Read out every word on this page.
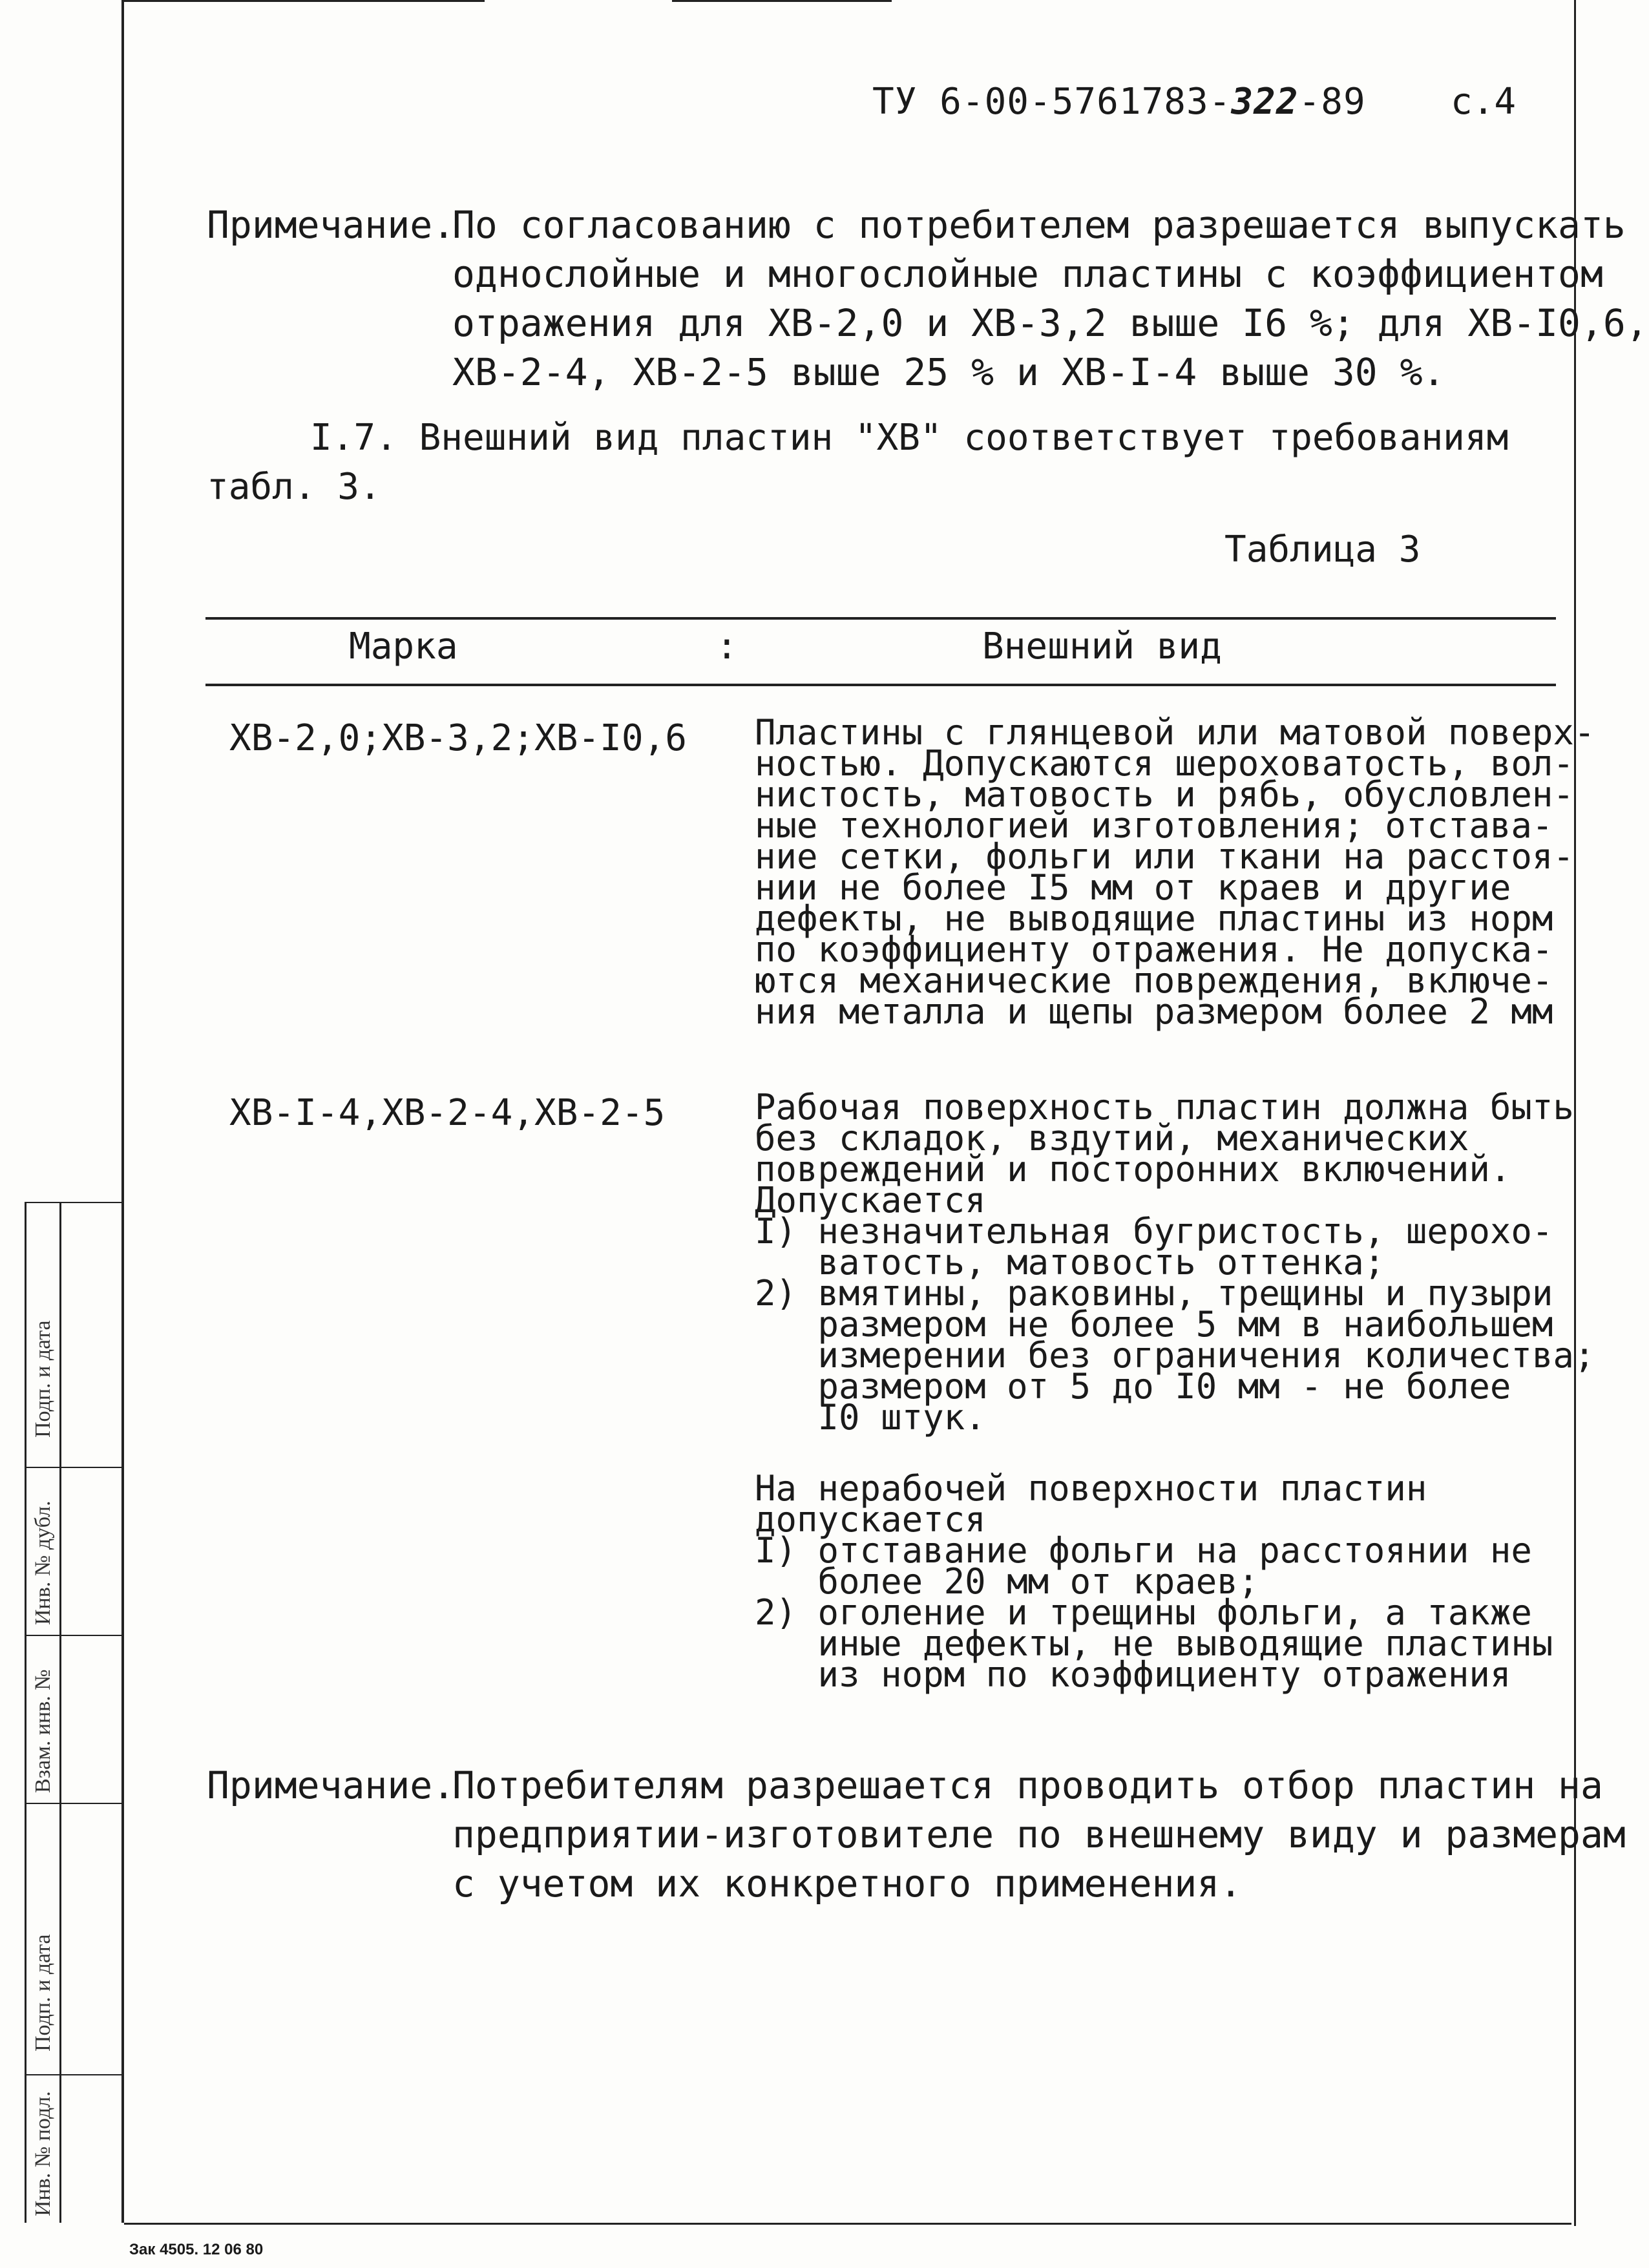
ТУ 6-00-5761783-322-89 с.4
Примечание.
По согласованию с потребителем разрешается выпускать
однослойные и многослойные пластины с коэффициентом
отражения для ХВ-2,0 и ХВ-3,2 выше I6 %; для ХВ-I0,6,
ХВ-2-4, ХВ-2-5 выше 25 % и ХВ-I-4 выше 30 %.
I.7. Внешний вид пластин "ХВ" соответствует требованиям
табл. 3.
Таблица 3
Марка	:	Внешний вид
ХВ-2,0;ХВ-3,2;ХВ-I0,6 Пластины с глянцевой или матовой поверх-
ностью. Допускаются шероховатость, вол-
нистость, матовость и рябь, обусловлен-
ные технологией изготовления; отстава-
ние сетки, фольги или ткани на расстоя-
нии не более I5 мм от краев и другие
дефекты, не выводящие пластины из норм
по коэффициенту отражения. Не допуска-
ются механические повреждения, включе-
ния металла и щепы размером более 2 мм
ХВ-I-4,ХВ-2-4,ХВ-2-5	Рабочая поверхность пластин должна быть
без складок, вздутий, механических
повреждений и посторонних включений.
Допускается
I) незначительная бугристость, шерохо-
ватость, матовость оттенка;
2) вмятины, раковины, трещины и пузыри
размером не более 5 мм в наибольшем
измерении без ограничения количества;
размером от 5 до I0 мм - не более
I0 штук.
На нерабочей поверхности пластин
допускается
I) отставание фольги на расстоянии не
более 20 мм от краев;
2) оголение и трещины фольги, а также
иные дефекты, не выводящие пластины
из норм по коэффициенту отражения
Примечание.
Потребителям разрешается проводить отбор пластин на
предприятии-изготовителе по внешнему виду и размерам
с учетом их конкретного применения.
Подп. и дата
Инв. № дубл.
Взам. инв. №
Подп. и дата
Инв. № подл.
Зак 4505. 12 06 80
